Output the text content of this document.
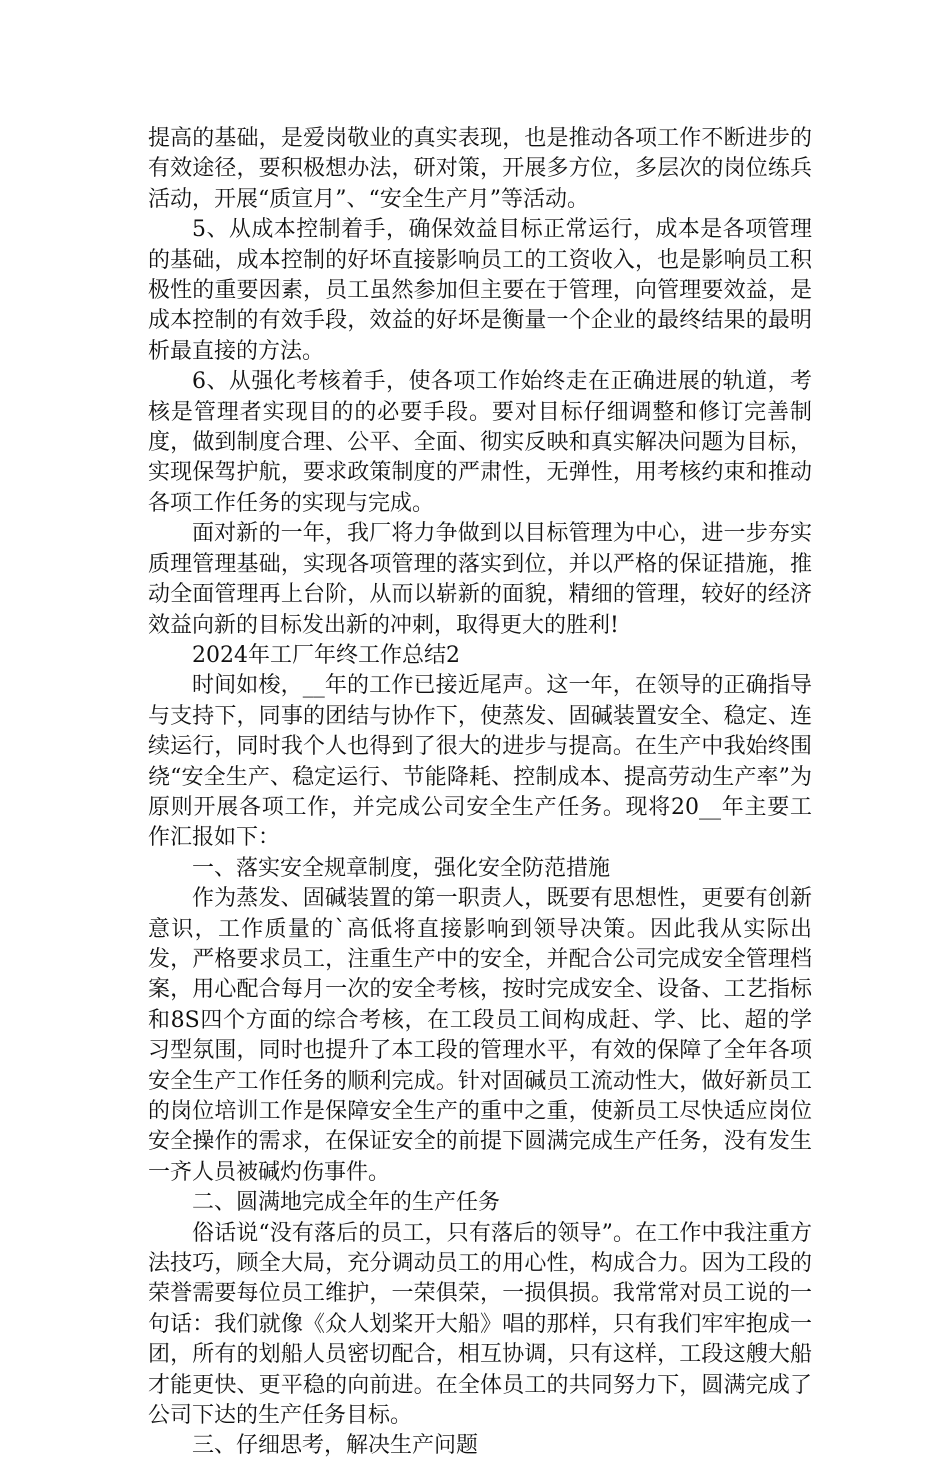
提高的基础，是爱岗敬业的真实表现，也是推动各项工作不断进步的有效途径，要积极想办法，研对策，开展多方位，多层次的岗位练兵活动，开展“质宣月”、“安全生产月”等活动。

5、从成本控制着手，确保效益目标正常运行，成本是各项管理的基础，成本控制的好坏直接影响员工的工资收入，也是影响员工积极性的重要因素，员工虽然参加但主要在于管理，向管理要效益，是成本控制的有效手段，效益的好坏是衡量一个企业的最终结果的最明析最直接的方法。

6、从强化考核着手，使各项工作始终走在正确进展的轨道，考核是管理者实现目的的必要手段。要对目标仔细调整和修订完善制度，做到制度合理、公平、全面、彻实反映和真实解决问题为目标，实现保驾护航，要求政策制度的严肃性，无弹性，用考核约束和推动各项工作任务的实现与完成。

面对新的一年，我厂将力争做到以目标管理为中心，进一步夯实质理管理基础，实现各项管理的落实到位，并以严格的保证措施，推动全面管理再上台阶，从而以崭新的面貌，精细的管理，较好的经济效益向新的目标发出新的冲刺，取得更大的胜利!

2024年工厂年终工作总结2

时间如梭，__年的工作已接近尾声。这一年，在领导的正确指导与支持下，同事的团结与协作下，使蒸发、固碱装置安全、稳定、连续运行，同时我个人也得到了很大的进步与提高。在生产中我始终围绕“安全生产、稳定运行、节能降耗、控制成本、提高劳动生产率”为原则开展各项工作，并完成公司安全生产任务。现将20__年主要工作汇报如下：

一、落实安全规章制度，强化安全防范措施

作为蒸发、固碱装置的第一职责人，既要有思想性，更要有创新意识，工作质量的`高低将直接影响到领导决策。因此我从实际出发，严格要求员工，注重生产中的安全，并配合公司完成安全管理档案，用心配合每月一次的安全考核，按时完成安全、设备、工艺指标和8S四个方面的综合考核，在工段员工间构成赶、学、比、超的学习型氛围，同时也提升了本工段的管理水平，有效的保障了全年各项安全生产工作任务的顺利完成。针对固碱员工流动性大，做好新员工的岗位培训工作是保障安全生产的重中之重，使新员工尽快适应岗位安全操作的需求，在保证安全的前提下圆满完成生产任务，没有发生一齐人员被碱灼伤事件。

二、圆满地完成全年的生产任务

俗话说“没有落后的员工，只有落后的领导”。在工作中我注重方法技巧，顾全大局，充分调动员工的用心性，构成合力。因为工段的荣誉需要每位员工维护，一荣俱荣，一损俱损。我常常对员工说的一句话：我们就像《众人划桨开大船》唱的那样，只有我们牢牢抱成一团，所有的划船人员密切配合，相互协调，只有这样，工段这艘大船才能更快、更平稳的向前进。在全体员工的共同努力下，圆满完成了公司下达的生产任务目标。

三、仔细思考，解决生产问题
